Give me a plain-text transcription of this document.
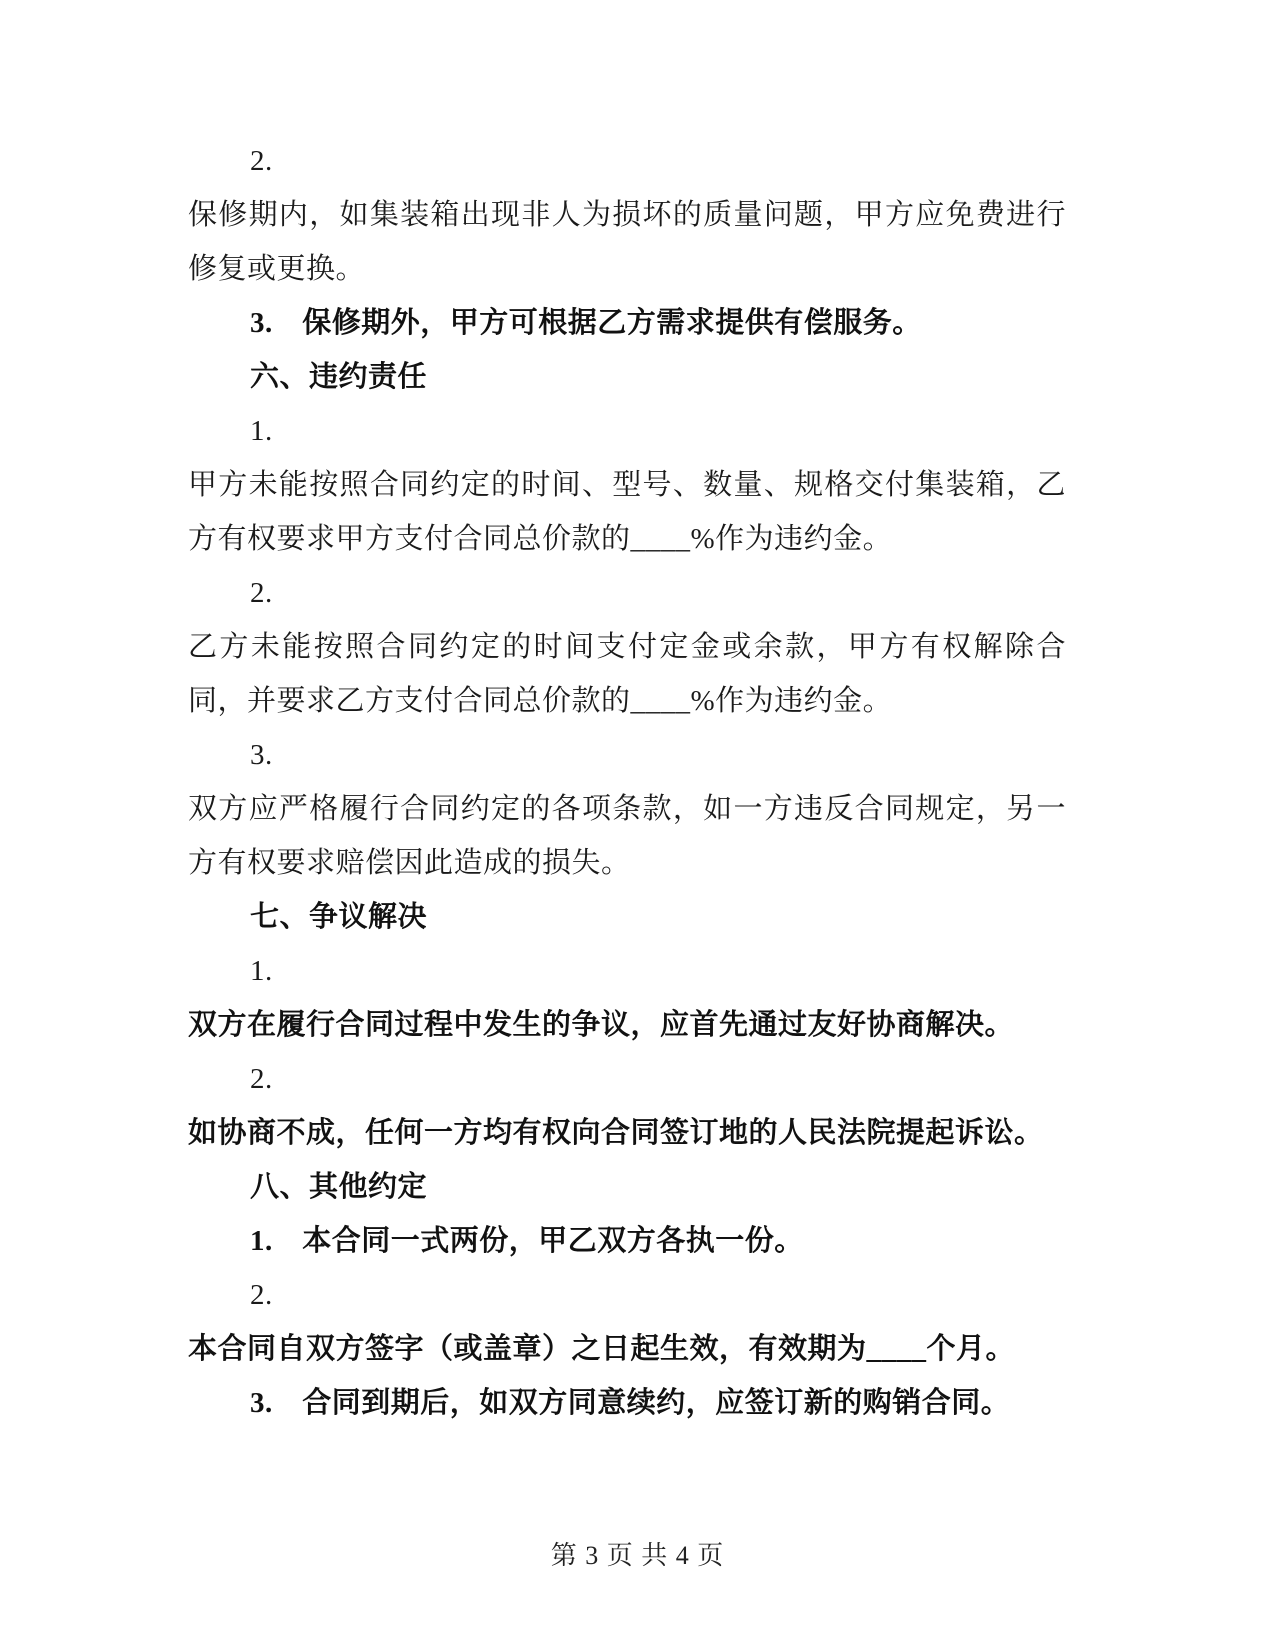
2.

保修期内，如集装箱出现非人为损坏的质量问题，甲方应免费进行修复或更换。

3.　保修期外，甲方可根据乙方需求提供有偿服务。

六、违约责任

1.

甲方未能按照合同约定的时间、型号、数量、规格交付集装箱，乙方有权要求甲方支付合同总价款的____%作为违约金。

2.

乙方未能按照合同约定的时间支付定金或余款，甲方有权解除合同，并要求乙方支付合同总价款的____%作为违约金。

3.

双方应严格履行合同约定的各项条款，如一方违反合同规定，另一方有权要求赔偿因此造成的损失。

七、争议解决

1.

双方在履行合同过程中发生的争议，应首先通过友好协商解决。

2.

如协商不成，任何一方均有权向合同签订地的人民法院提起诉讼。

八、其他约定

1.　本合同一式两份，甲乙双方各执一份。

2.

本合同自双方签字（或盖章）之日起生效，有效期为____个月。

3.　合同到期后，如双方同意续约，应签订新的购销合同。

第 3 页 共 4 页
